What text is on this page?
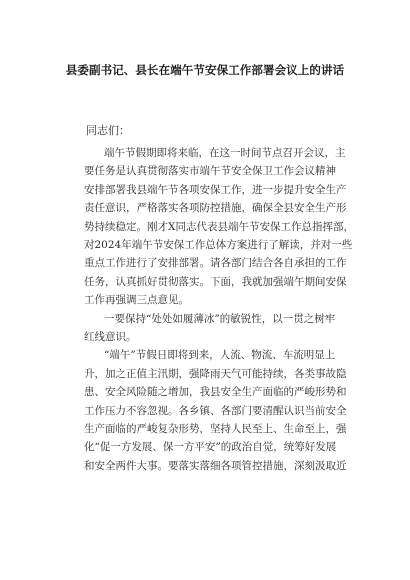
县委副书记、县长在端午节安保工作部署会议上的讲话
同志们：
端午节假期即将来临，在这一时间节点召开会议，主
要任务是认真贯彻落实市端午节安全保卫工作会议精神
安排部署我县端午节各项安保工作，进一步提升安全生产
责任意识，严格落实各项防控措施，确保全县安全生产形
势持续稳定。刚才X同志代表县端午节安保工作总指挥部，
对2024年端午节安保工作总体方案进行了解读，并对一些
重点工作进行了安排部署。请各部门结合各自承担的工作
任务，认真抓好贯彻落实。下面，我就加强端午期间安保
工作再强调三点意见。
一要保持“处处如履薄冰”的敏锐性，以一贯之树牢
红线意识。
“端午”节假日即将到来，人流、物流、车流明显上
升，加之正值主汛期，强降雨天气可能持续，各类事故隐
患、安全风险随之增加，我县安全生产面临的严峻形势和
工作压力不容忽视。各乡镇、各部门要清醒认识当前安全
生产面临的严峻复杂形势，坚持人民至上、生命至上，强
化“促一方发展、保一方平安”的政治自觉，统筹好发展
和安全两件大事。要落实落细各项管控措施，深刻汲取近
